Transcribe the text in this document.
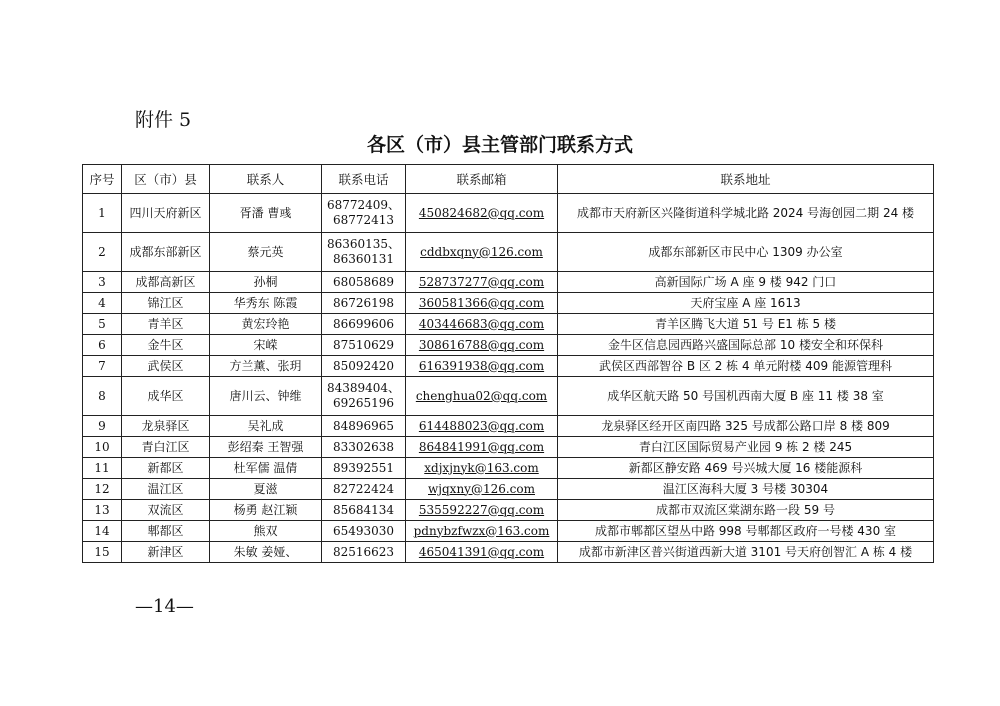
附件 5
各区（市）县主管部门联系方式
序号	区（市）县	联系人	联系电话	联系邮箱	联系地址
1	四川天府新区	胥潘 曹彧	68772409、
68772413	450824682@qq.com	成都市天府新区兴隆街道科学城北路 2024 号海创园二期 24 楼
2	成都东部新区	蔡元英	86360135、
86360131	cddbxqny@126.com	成都东部新区市民中心 1309 办公室
3	成都高新区	孙桐	68058689	528737277@qq.com	高新国际广场 A 座 9 楼 942 门口
4	锦江区	华秀东 陈霞	86726198	360581366@qq.com	天府宝座 A 座 1613
5	青羊区	黄宏玲艳	86699606	403446683@qq.com	青羊区腾飞大道 51 号 E1 栋 5 楼
6	金牛区	宋嵘	87510629	308616788@qq.com	金牛区信息园西路兴盛国际总部 10 楼安全和环保科
7	武侯区	方兰薰、张玥	85092420	616391938@qq.com	武侯区西部智谷 B 区 2 栋 4 单元附楼 409 能源管理科
8	成华区	唐川云、钟维	84389404、
69265196	chenghua02@qq.com	成华区航天路 50 号国机西南大厦 B 座 11 楼 38 室
9	龙泉驿区	吴礼成	84896965	614488023@qq.com	龙泉驿区经开区南四路 325 号成都公路口岸 8 楼 809
10	青白江区	彭绍秦 王智强	83302638	864841991@qq.com	青白江区国际贸易产业园 9 栋 2 楼 245
11	新都区	杜军儒 温倩	89392551	xdjxjnyk@163.com	新都区静安路 469 号兴城大厦 16 楼能源科
12	温江区	夏滋	82722424	wjqxny@126.com	温江区海科大厦 3 号楼 30304
13	双流区	杨勇 赵江颖	85684134	535592227@qq.com	成都市双流区棠湖东路一段 59 号
14	郫都区	熊双	65493030	pdnybzfwzx@163.com	成都市郫都区望丛中路 998 号郫都区政府一号楼 430 室
15	新津区	朱敏 姜娅、	82516623	465041391@qq.com	成都市新津区普兴街道西新大道 3101 号天府创智汇 A 栋 4 楼
—14—
